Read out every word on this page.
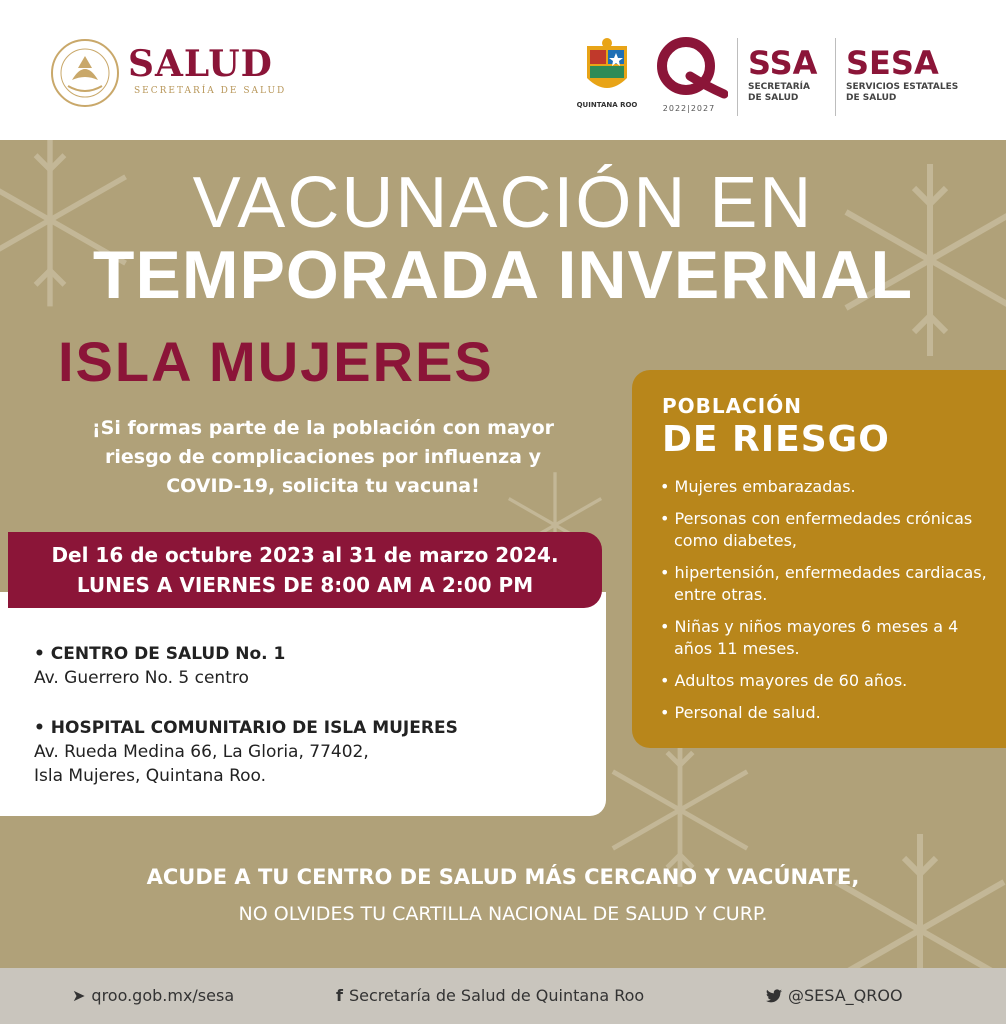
SALUD
SECRETARÍA DE SALUD
QUINTANA ROO	2022|2027
SSA
SECRETARÍA
DE SALUD
SESA
SERVICIOS ESTATALES
DE SALUD
VACUNACIÓN EN
TEMPORADA INVERNAL
ISLA MUJERES
¡Si formas parte de la población con mayor
riesgo de complicaciones por influenza y
COVID-19, solicita tu vacuna!
Del 16 de octubre 2023 al 31 de marzo 2024.
LUNES A VIERNES DE 8:00 AM A 2:00 PM
• CENTRO DE SALUD No. 1
Av. Guerrero No. 5 centro
• HOSPITAL COMUNITARIO DE ISLA MUJERES
Av. Rueda Medina 66, La Gloria, 77402,
Isla Mujeres, Quintana Roo.
POBLACIÓN
DE RIESGO
• Mujeres embarazadas.
• Personas con enfermedades crónicas como diabetes,
• hipertensión, enfermedades cardiacas, entre otras.
• Niñas y niños mayores 6 meses a 4 años 11 meses.
• Adultos mayores de 60 años.
• Personal de salud.
ACUDE A TU CENTRO DE SALUD MÁS CERCANO Y VACÚNATE,
NO OLVIDES TU CARTILLA NACIONAL DE SALUD Y CURP.
➤ qroo.gob.mx/sesa	f Secretaría de Salud de Quintana Roo	@SESA_QROO
